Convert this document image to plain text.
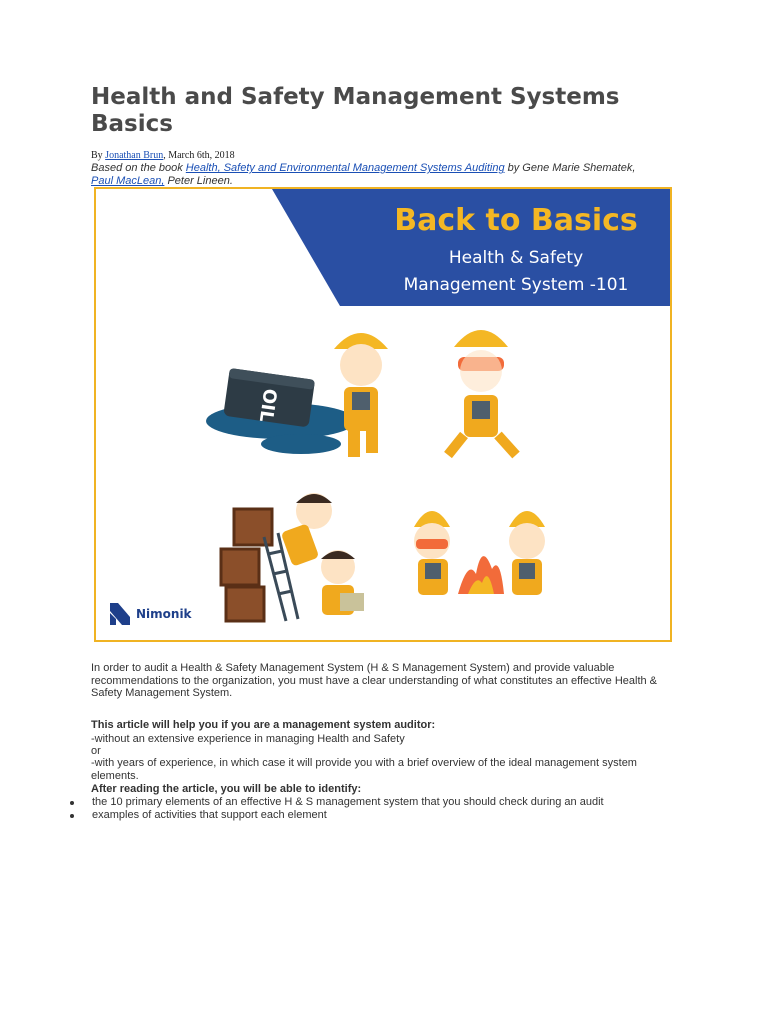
Health and Safety Management Systems Basics
By Jonathan Brun, March 6th, 2018
Based on the book Health, Safety and Environmental Management Systems Auditing by Gene Marie Shematek, Paul MacLean, Peter Lineen.
Back to Basics
Health & Safety
Management System -101
OIL
Nimonik

In order to audit a Health & Safety Management System (H & S Management System) and provide valuable recommendations to the organization, you must have a clear understanding of what constitutes an effective Health & Safety Management System.

This article will help you if you are a management system auditor:

-without an extensive experience in managing Health and Safety

or

-with years of experience, in which case it will provide you with a brief overview of the ideal management system elements.

After reading the article, you will be able to identify:

the 10 primary elements of an effective H & S management system that you should check during an audit
examples of activities that support each element
